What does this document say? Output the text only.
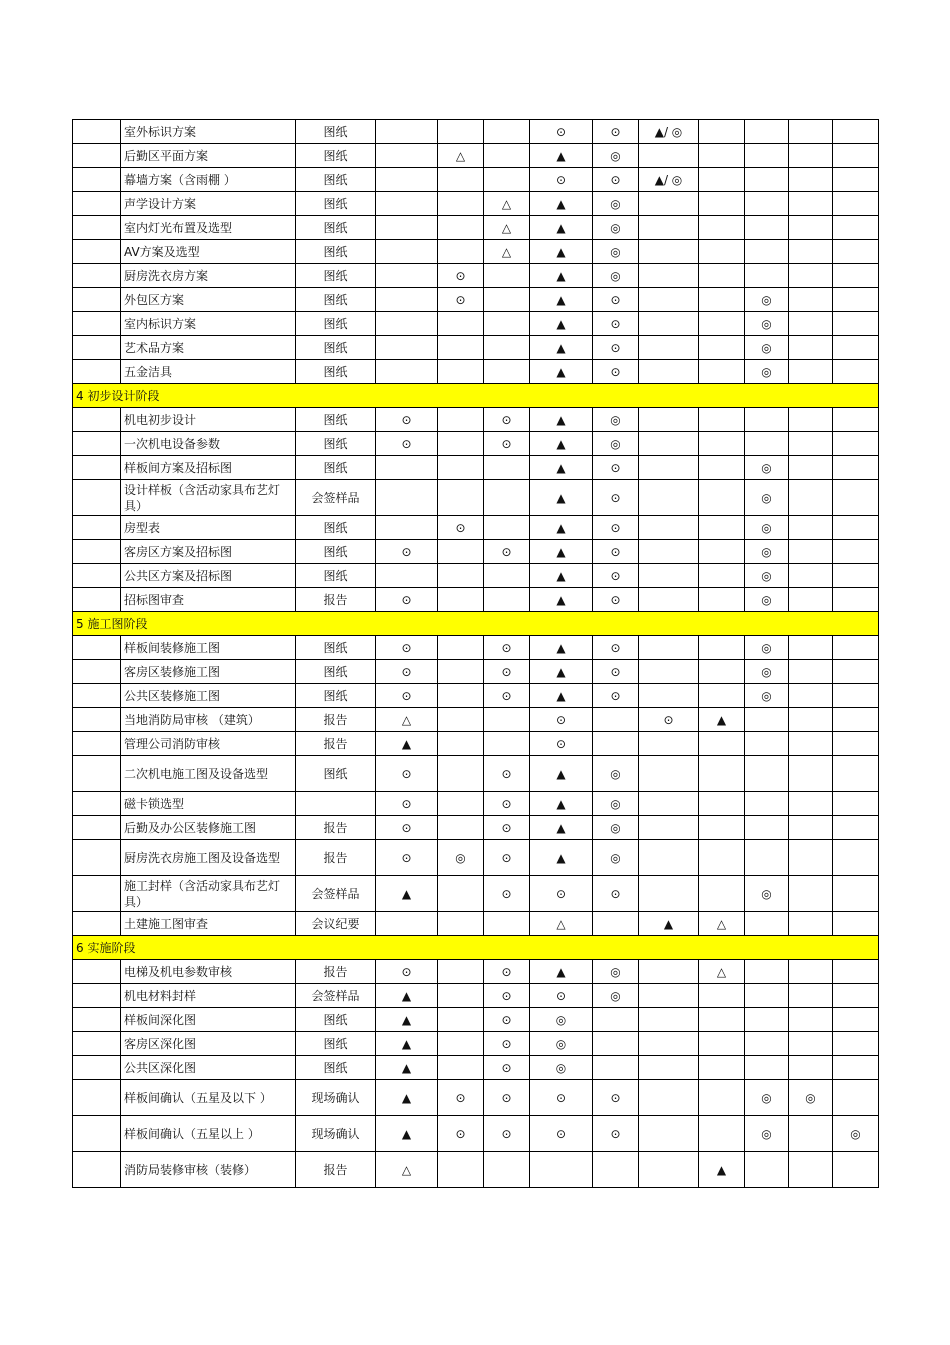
	室外标识方案	图纸				⊙	⊙	▲/ ◎				
	后勤区平面方案	图纸		△		▲	◎					
	幕墙方案（含雨棚 ）	图纸				⊙	⊙	▲/ ◎				
	声学设计方案	图纸			△	▲	◎					
	室内灯光布置及选型	图纸			△	▲	◎					
	AV方案及选型	图纸			△	▲	◎					
	厨房洗衣房方案	图纸		⊙		▲	◎					
	外包区方案	图纸		⊙		▲	⊙			◎		
	室内标识方案	图纸				▲	⊙			◎		
	艺术品方案	图纸				▲	⊙			◎		
	五金洁具	图纸				▲	⊙			◎		
4 初步设计阶段												
	机电初步设计	图纸	⊙		⊙	▲	◎					
	一次机电设备参数	图纸	⊙		⊙	▲	◎					
	样板间方案及招标图	图纸				▲	⊙			◎		
	设计样板（含活动家具布艺灯具）	会签样品				▲	⊙			◎		
	房型表	图纸		⊙		▲	⊙			◎		
	客房区方案及招标图	图纸	⊙		⊙	▲	⊙			◎		
	公共区方案及招标图	图纸				▲	⊙			◎		
	招标图审查	报告	⊙			▲	⊙			◎		
5 施工图阶段												
	样板间装修施工图	图纸	⊙		⊙	▲	⊙			◎		
	客房区装修施工图	图纸	⊙		⊙	▲	⊙			◎		
	公共区装修施工图	图纸	⊙		⊙	▲	⊙			◎		
	当地消防局审核 （建筑）	报告	△			⊙		⊙	▲			
	管理公司消防审核	报告	▲			⊙						
	二次机电施工图及设备选型	图纸	⊙		⊙	▲	◎					
	磁卡锁选型		⊙		⊙	▲	◎					
	后勤及办公区装修施工图	报告	⊙		⊙	▲	◎					
	厨房洗衣房施工图及设备选型	报告	⊙	◎	⊙	▲	◎					
	施工封样（含活动家具布艺灯具）	会签样品	▲		⊙	⊙	⊙			◎		
	土建施工图审查	会议纪要				△		▲	△			
6 实施阶段												
	电梯及机电参数审核	报告	⊙		⊙	▲	◎		△			
	机电材料封样	会签样品	▲		⊙	⊙	◎					
	样板间深化图	图纸	▲		⊙	◎						
	客房区深化图	图纸	▲		⊙	◎						
	公共区深化图	图纸	▲		⊙	◎						
	样板间确认（五星及以下 ）	现场确认	▲	⊙	⊙	⊙	⊙			◎	◎	
	样板间确认（五星以上 ）	现场确认	▲	⊙	⊙	⊙	⊙			◎		◎
	消防局装修审核（装修）	报告	△						▲			
